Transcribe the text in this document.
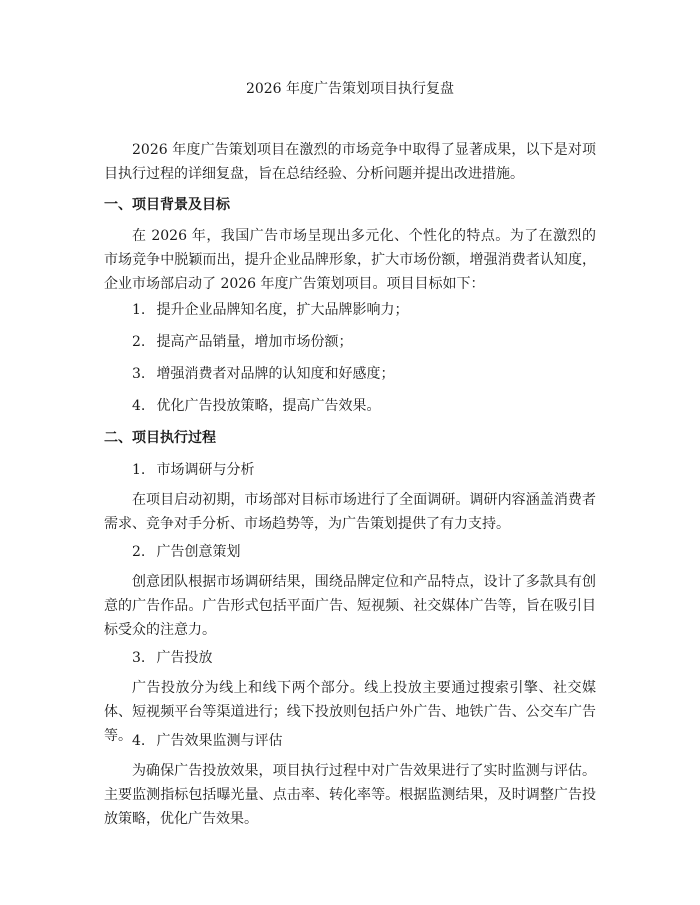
2026 年度广告策划项目执行复盘

2026 年度广告策划项目在激烈的市场竞争中取得了显著成果，以下是对项目执行过程的详细复盘，旨在总结经验、分析问题并提出改进措施。

一、项目背景及目标

在 2026 年，我国广告市场呈现出多元化、个性化的特点。为了在激烈的市场竞争中脱颖而出，提升企业品牌形象，扩大市场份额，增强消费者认知度，企业市场部启动了 2026 年度广告策划项目。项目目标如下：

1. 提升企业品牌知名度，扩大品牌影响力；
2. 提高产品销量，增加市场份额；
3. 增强消费者对品牌的认知度和好感度；
4. 优化广告投放策略，提高广告效果。
二、项目执行过程
1. 市场调研与分析

在项目启动初期，市场部对目标市场进行了全面调研。调研内容涵盖消费者需求、竞争对手分析、市场趋势等，为广告策划提供了有力支持。

2. 广告创意策划

创意团队根据市场调研结果，围绕品牌定位和产品特点，设计了多款具有创意的广告作品。广告形式包括平面广告、短视频、社交媒体广告等，旨在吸引目标受众的注意力。

3. 广告投放

广告投放分为线上和线下两个部分。线上投放主要通过搜索引擎、社交媒体、短视频平台等渠道进行；线下投放则包括户外广告、地铁广告、公交车广告等。 4. 广告效果监测与评估

为确保广告投放效果，项目执行过程中对广告效果进行了实时监测与评估。主要监测指标包括曝光量、点击率、转化率等。根据监测结果，及时调整广告投放策略，优化广告效果。
